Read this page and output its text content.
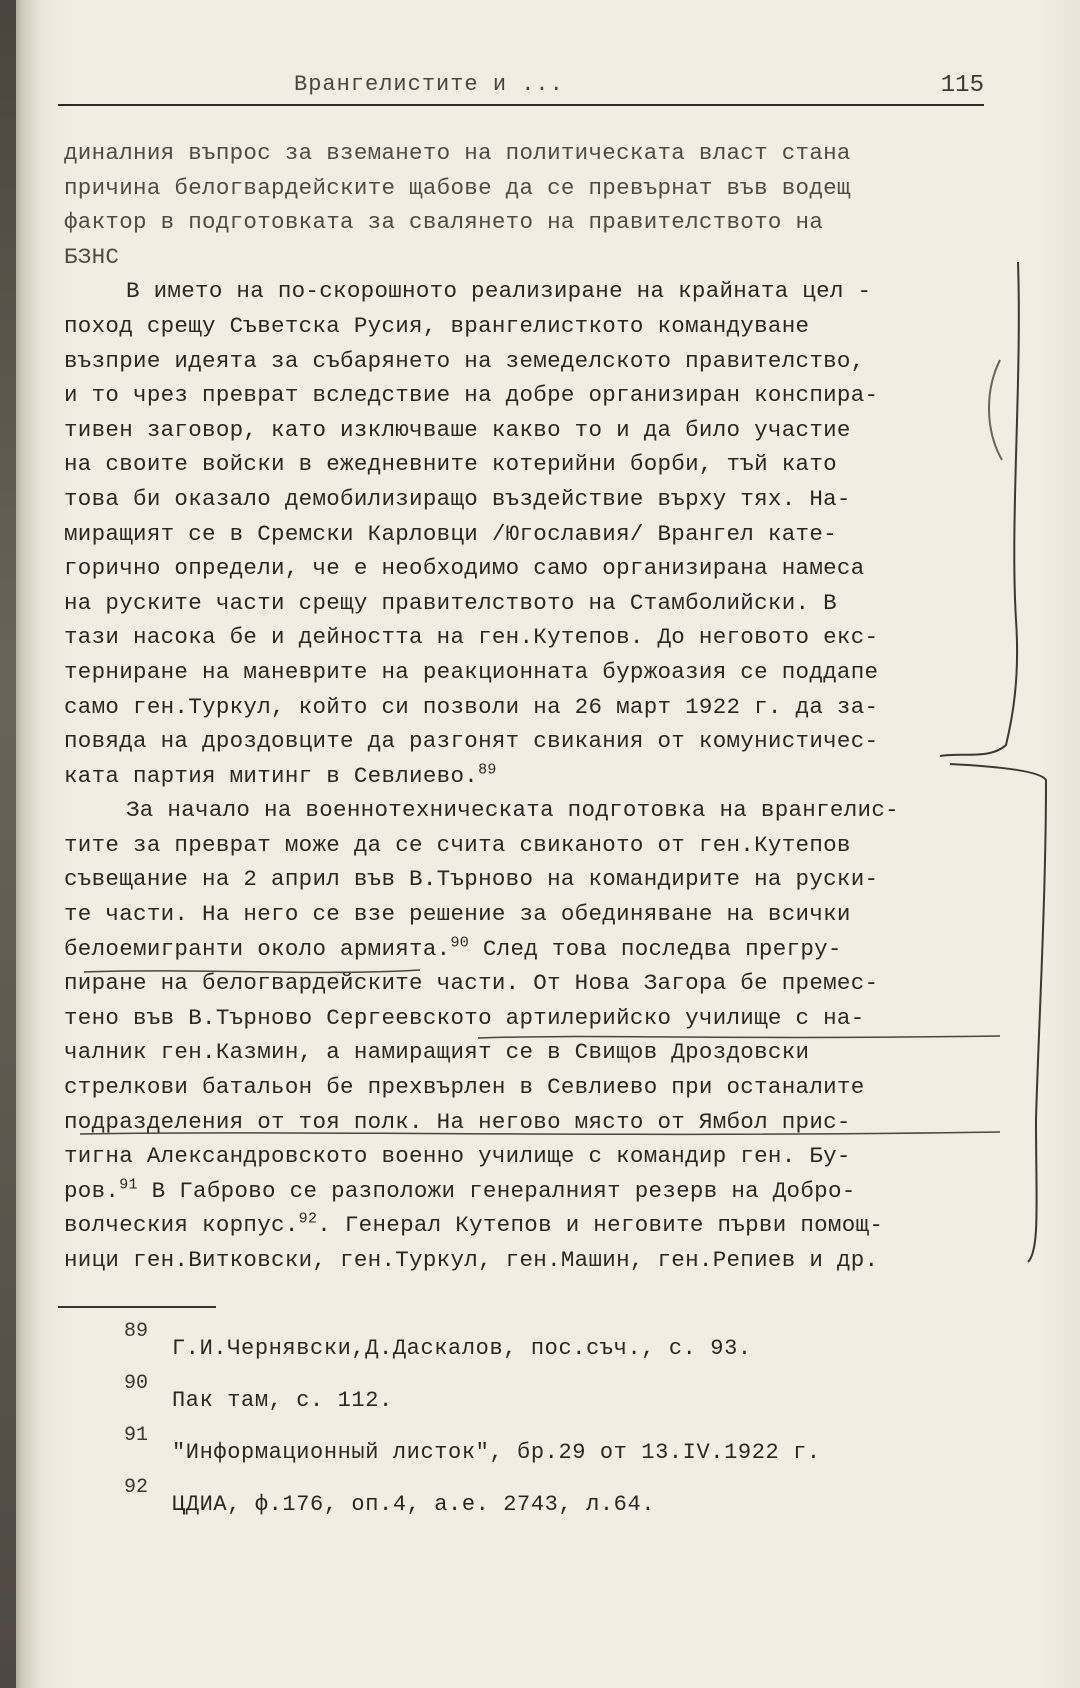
Врангелистите и ...	115
диналния въпрос за вземането на политическата власт стана
причина белогвардейските щабове да се превърнат във водещ
фактор в подготовката за свалянето на правителството на
БЗНС
В името на по-скорошното реализиране на крайната цел -
поход срещу Съветска Русия, врангелисткото командуване
възприе идеята за събарянето на земеделското правителство,
и то чрез преврат вследствие на добре организиран конспира-
тивен заговор, като изключваше какво то и да било участие
на своите войски в ежедневните котерийни борби, тъй като
това би оказало демобилизиращо въздействие върху тях. На-
миращият се в Сремски Карловци /Югославия/ Врангел кате-
горично определи, че е необходимо само организирана намеса
на руските части срещу правителството на Стамболийски. В
тази насока бе и дейността на ген.Кутепов. До неговото екс-
терниране на маневрите на реакционната буржоазия се поддапе
само ген.Туркул, който си позволи на 26 март 1922 г. да за-
повяда на дроздовците да разгонят свикания от комунистичес-
ката партия митинг в Севлиево.$^{89}$
За начало на военнотехническата подготовка на врангелис-
тите за преврат може да се счита свиканото от ген.Кутепов
съвещание на 2 април във В.Търново на командирите на руски-
те части. На него се взе решение за обединяване на всички
белоемигранти около армията.$^{90}$ След това последва прегру-
пиране на белогвардейските части. От Нова Загора бе премес-
тено във В.Търново Сергеевското артилерийско училище с на-
чалник ген.Казмин, а намиращият се в Свищов Дроздовски
стрелкови батальон бе прехвърлен в Севлиево при останалите
подразделения от тоя полк. На негово място от Ямбол прис-
тигна Александровското военно училище с командир ген. Бу-
ров.$^{91}$ В Габрово се разположи генералният резерв на Добро-
волческия корпус.$^{92}$. Генерал Кутепов и неговите първи помощ-
ници ген.Витковски, ген.Туркул, ген.Машин, ген.Репиев и др.
89
Г.И.Чернявски,Д.Даскалов, пос.съч., с. 93.
90
Пак там, с. 112.
91
"Информационный листок", бр.29 от 13.IV.1922 г.
92
ЦДИА, ф.176, оп.4, а.е. 2743, л.64.
